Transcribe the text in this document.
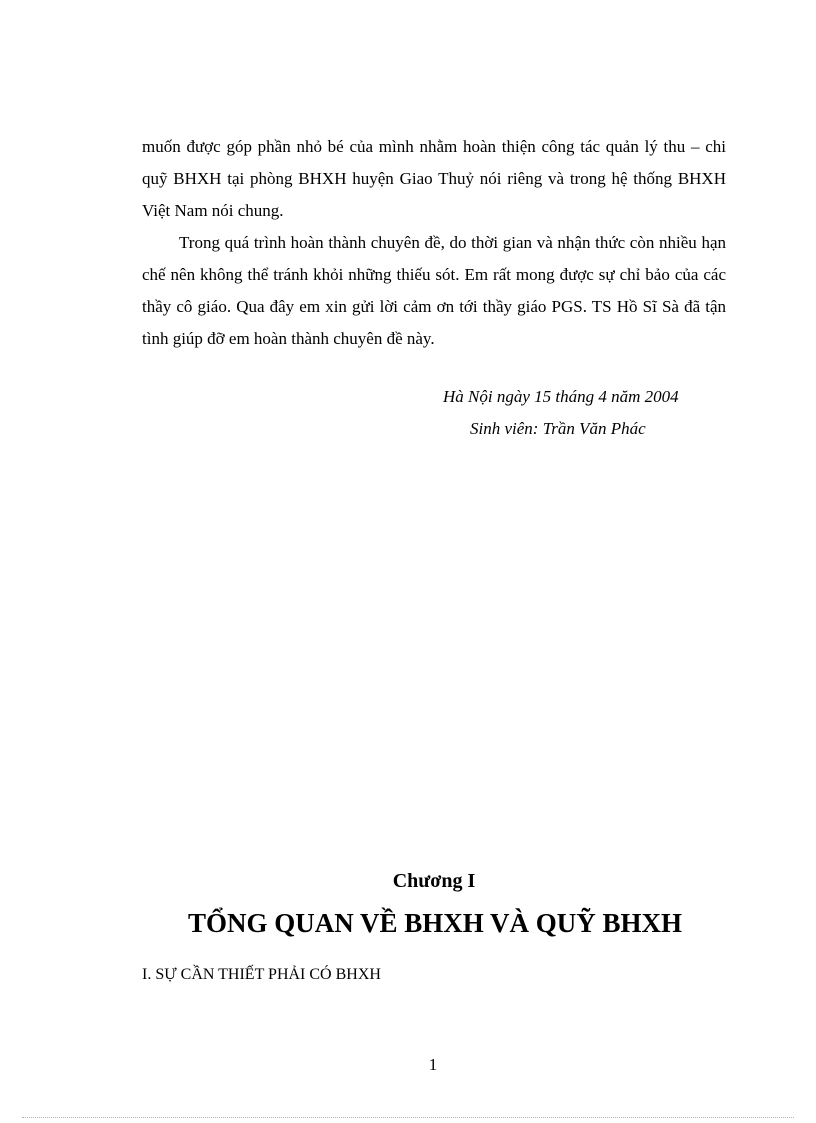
muốn được góp phần nhỏ bé của mình nhằm hoàn thiện công tác quản lý thu – chi quỹ BHXH tại phòng BHXH huyện Giao Thuỷ nói riêng và trong hệ thống BHXH Việt Nam nói chung.

Trong quá trình hoàn thành chuyên đề, do thời gian và nhận thức còn nhiều hạn chế nên không thể tránh khỏi những thiếu sót. Em rất mong được sự chỉ bảo của các thầy cô giáo. Qua đây em xin gửi lời cảm ơn tới thầy giáo PGS. TS Hồ Sĩ Sà đã tận tình giúp đỡ em hoàn thành chuyên đề này.

Hà Nội ngày 15 tháng 4 năm 2004
Sinh viên: Trần Văn Phác
Chương I
TỔNG QUAN VỀ BHXH VÀ QUỸ BHXH
I. SỰ CẦN THIẾT PHẢI CÓ BHXH
1
